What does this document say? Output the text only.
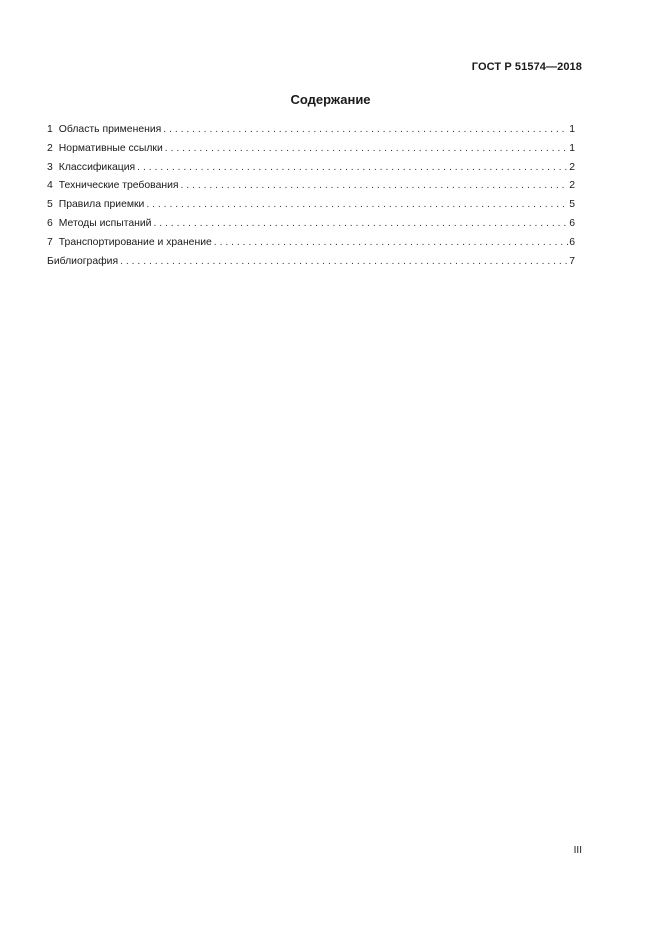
ГОСТ Р 51574—2018
Содержание
1 Область применения . . .	1
2 Нормативные ссылки . . .	1
3 Классификация . . .	2
4 Технические требования . . .	2
5 Правила приемки . . .	5
6 Методы испытаний . . .	6
7 Транспортирование и хранение . . .	6
Библиография . . .	7
III
